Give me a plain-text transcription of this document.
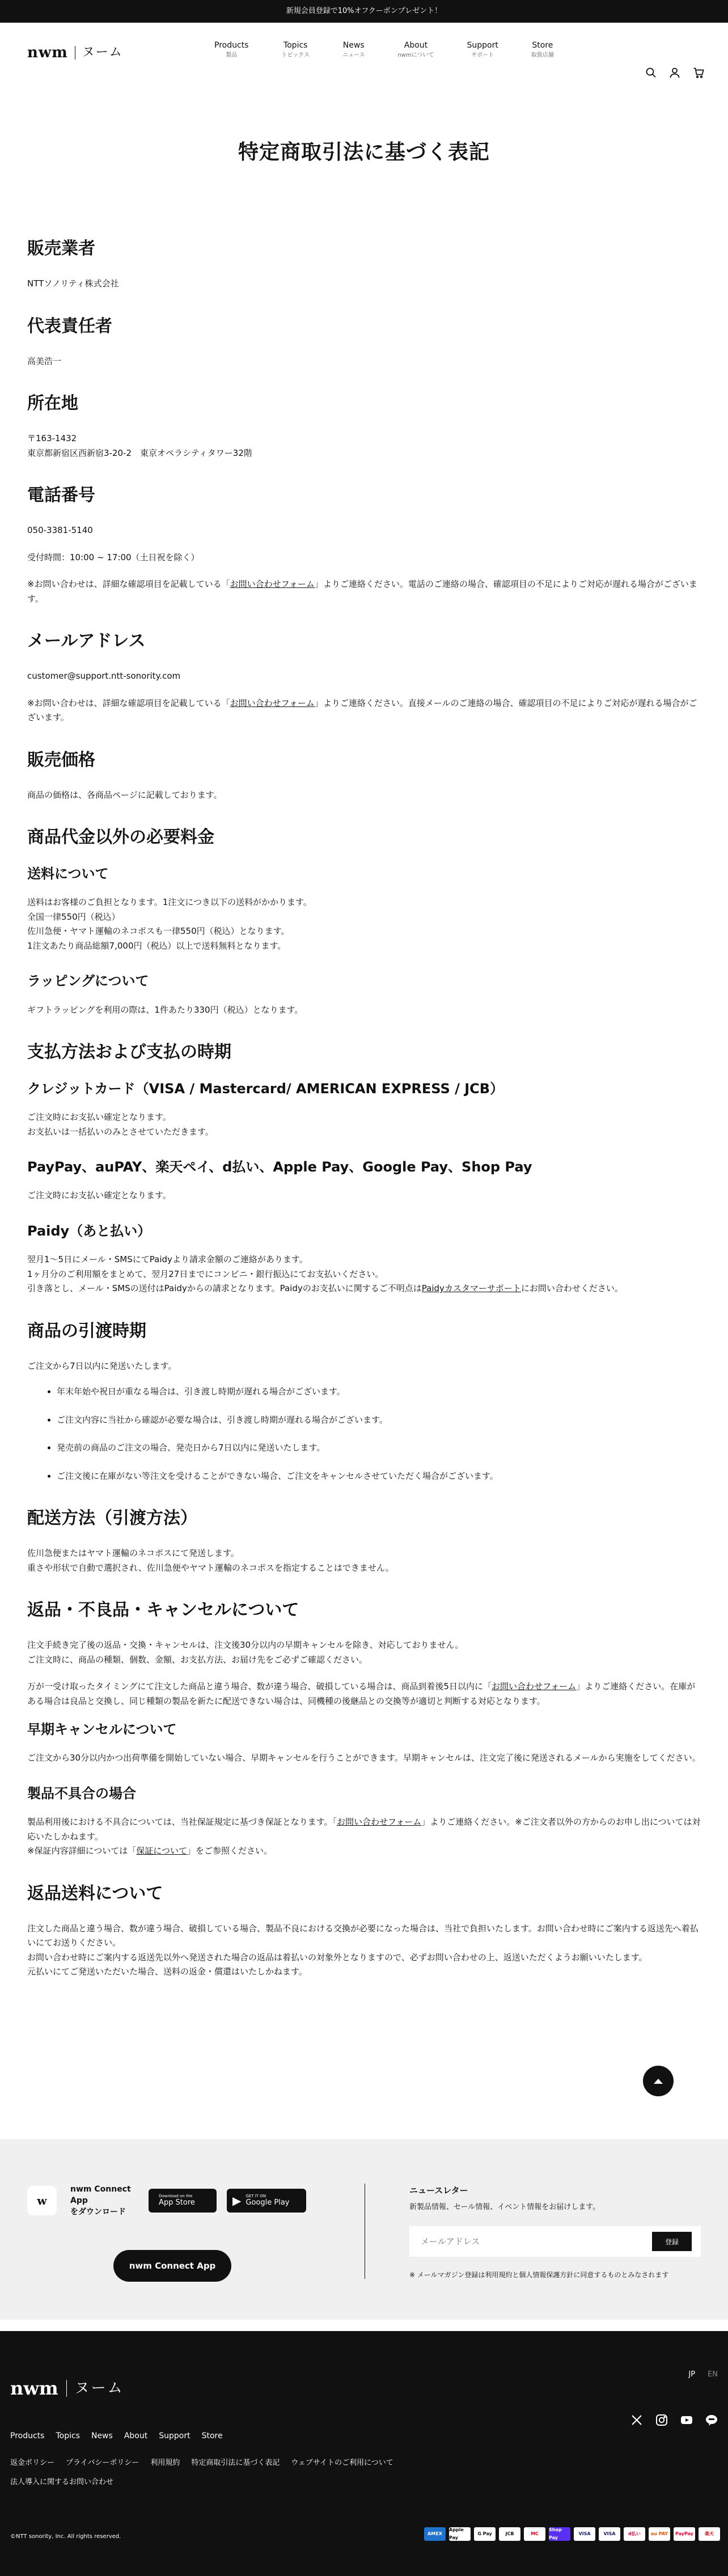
新規会員登録で10%オフクーポンプレゼント！
nwm ヌーム
Products
製品
Topics
トピックス
News
ニュース
About
nwmについて
Support
サポート
Store
取扱店舗
特定商取引法に基づく表記
販売業者

NTTソノリティ株式会社

代表責任者

高美浩一

所在地

〒163-1432

東京都新宿区西新宿3-20-2　東京オペラシティタワー32階

電話番号

050-3381-5140

受付時間：10:00 ~ 17:00（土日祝を除く）

※お問い合わせは、詳細な確認項目を記載している「お問い合わせフォーム」よりご連絡ください。電話のご連絡の場合、確認項目の不足によりご対応が遅れる場合がございます。

メールアドレス

customer@support.ntt-sonority.com

※お問い合わせは、詳細な確認項目を記載している「お問い合わせフォーム」よりご連絡ください。直接メールのご連絡の場合、確認項目の不足によりご対応が遅れる場合がございます。

販売価格

商品の価格は、各商品ページに記載しております。

商品代金以外の必要料金
送料について

送料はお客様のご負担となります。1注文につき以下の送料がかかります。

全国一律550円（税込）

佐川急便・ヤマト運輸のネコポスも一律550円（税込）となります。

1注文あたり商品総額7,000円（税込）以上で送料無料となります。

ラッピングについて

ギフトラッピングを利用の際は、1件あたり330円（税込）となります。

支払方法および支払の時期
クレジットカード（VISA / Mastercard/ AMERICAN EXPRESS / JCB）

ご注文時にお支払い確定となります。

お支払いは一括払いのみとさせていただきます。

PayPay、auPAY、楽天ペイ、d払い、Apple Pay、Google Pay、Shop Pay

ご注文時にお支払い確定となります。

Paidy（あと払い）

翌月1～5日にメール・SMSにてPaidyより請求金額のご連絡があります。

1ヶ月分のご利用額をまとめて、翌月27日までにコンビニ・銀行振込にてお支払いください。

引き落とし、メール・SMSの送付はPaidyからの請求となります。Paidyのお支払いに関するご不明点はPaidyカスタマーサポートにお問い合わせください。

商品の引渡時期

ご注文から7日以内に発送いたします。

• 年末年始や祝日が重なる場合は、引き渡し時期が遅れる場合がございます。
• ご注文内容に当社から確認が必要な場合は、引き渡し時期が遅れる場合がございます。
• 発売前の商品のご注文の場合、発売日から7日以内に発送いたします。
• ご注文後に在庫がない等注文を受けることができない場合、ご注文をキャンセルさせていただく場合がございます。
配送方法（引渡方法）

佐川急便またはヤマト運輸のネコポスにて発送します。

重さや形状で自動で選択され、佐川急便やヤマト運輸のネコポスを指定することはできません。

返品・不良品・キャンセルについて

注文手続き完了後の返品・交換・キャンセルは、注文後30分以内の早期キャンセルを除き、対応しておりません。

ご注文時に、商品の種類、個数、金額、お支払方法、お届け先をご必ずご確認ください。

万が一受け取ったタイミングにて注文した商品と違う場合、数が違う場合、破損している場合は、商品到着後5日以内に「お問い合わせフォーム」よりご連絡ください。在庫がある場合は良品と交換し、同じ種類の製品を新たに配送できない場合は、同機種の後継品との交換等が適切と判断する対応となります。

早期キャンセルについて

ご注文から30分以内かつ出荷準備を開始していない場合、早期キャンセルを行うことができます。早期キャンセルは、注文完了後に発送されるメールから実施をしてください。

製品不具合の場合

製品利用後における不具合については、当社保証規定に基づき保証となります。「お問い合わせフォーム」よりご連絡ください。※ご注文者以外の方からのお申し出については対応いたしかねます。

※保証内容詳細については「保証について」をご参照ください。

返品送料について

注文した商品と違う場合、数が違う場合、破損している場合、製品不良における交換が必要になった場合は、当社で負担いたします。お問い合わせ時にご案内する返送先へ着払いにてお送りください。

お問い合わせ時にご案内する返送先以外へ発送された場合の返品は着払いの対象外となりますので、必ずお問い合わせの上、返送いただくようお願いいたします。

元払いにてご発送いただいた場合、送料の返金・償還はいたしかねます。

w
nwm Connect
App
をダウンロード
Download on the
App Store	▶ GET IT ON
Google Play
nwm Connect App
ニュースレター
新製品情報、セール情報、イベント情報をお届けします。
メールアドレス
登録
※ メールマガジン登録は利用規約と個人情報保護方針に同意するものとみなされます
JP EN
nwm ヌーム
Products Topics News About Support Store
返金ポリシー プライバシーポリシー 利用規約 特定商取引法に基づく表記 ウェブサイトのご利用について
法人導入に関するお問い合わせ
©NTT sonority, Inc. All rights reserved.	AMEX
Apple Pay
G Pay	JCB	MC
Shop Pay
VISA	VISA	d払い	au PAY	PayPay	楽天
